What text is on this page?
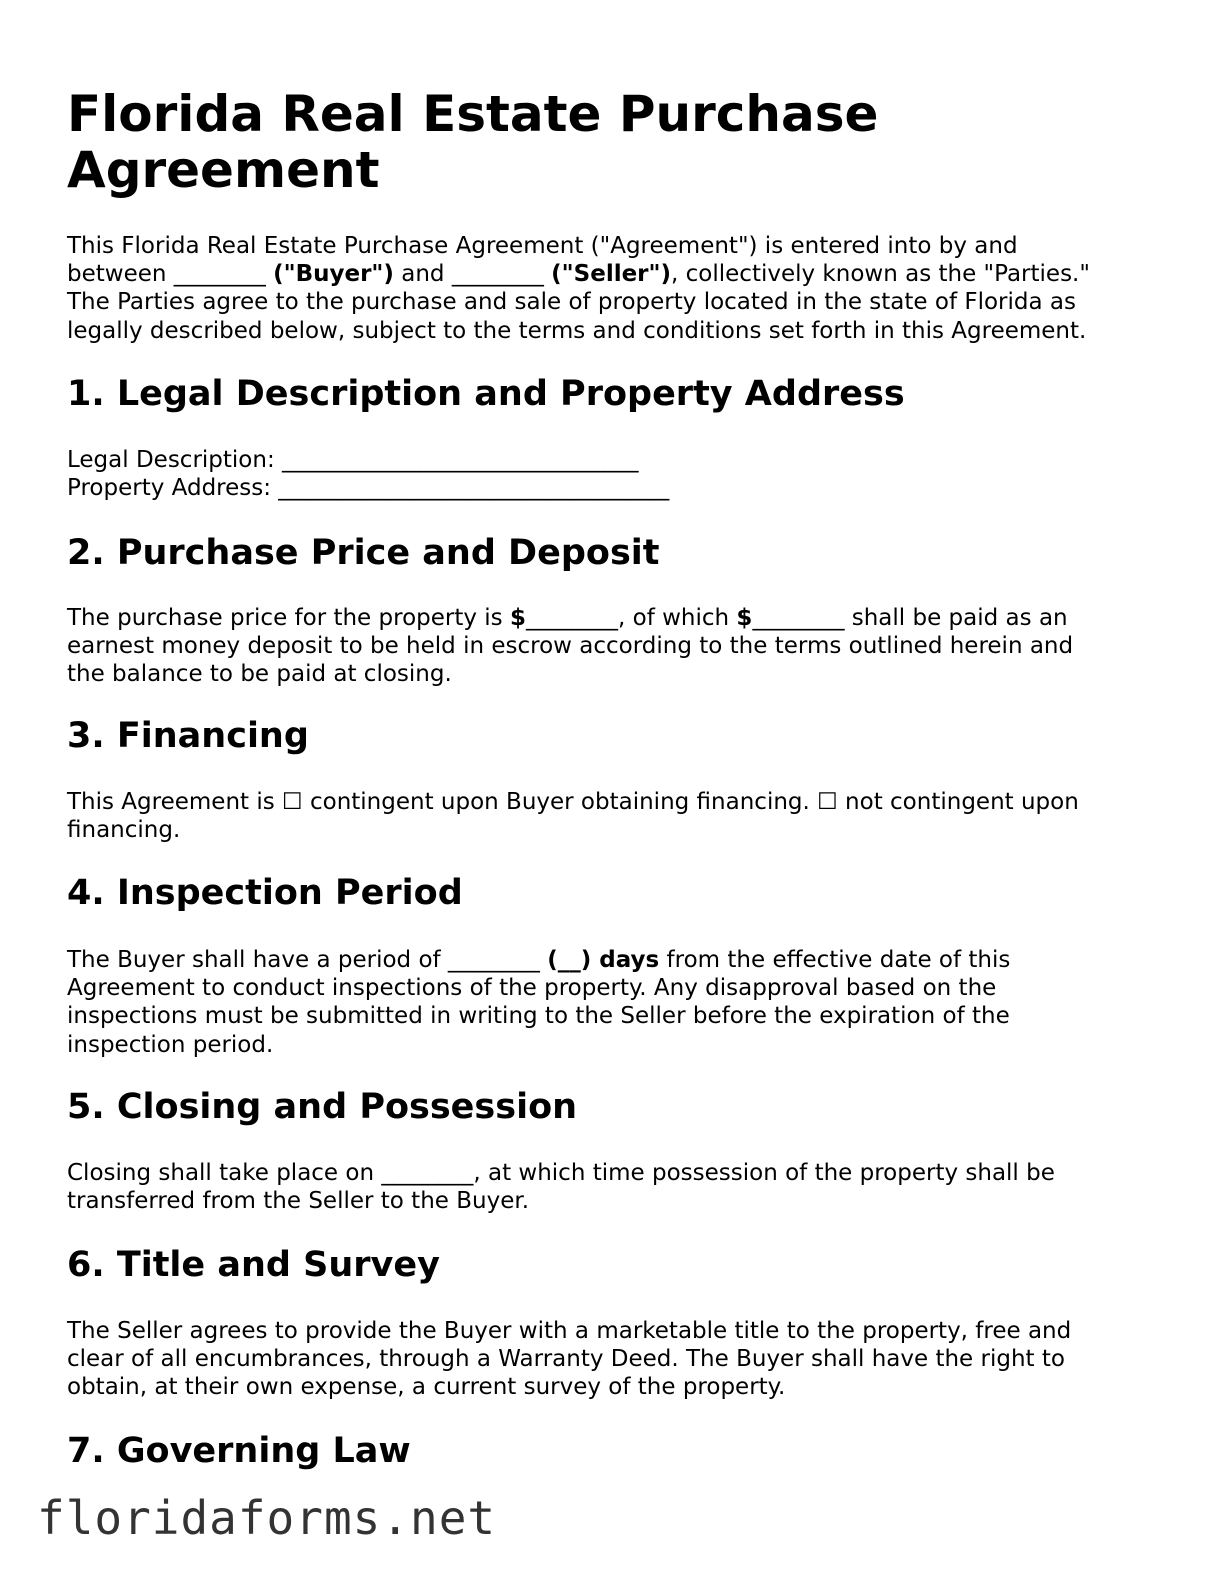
Florida Real Estate Purchase Agreement

This Florida Real Estate Purchase Agreement ("Agreement") is entered into by and
between ________ ("Buyer") and ________ ("Seller"), collectively known as the "Parties."
The Parties agree to the purchase and sale of property located in the state of Florida as
legally described below, subject to the terms and conditions set forth in this Agreement.

1. Legal Description and Property Address

Legal Description: _______________________________
Property Address: __________________________________

2. Purchase Price and Deposit

The purchase price for the property is $________, of which $________ shall be paid as an
earnest money deposit to be held in escrow according to the terms outlined herein and
the balance to be paid at closing.

3. Financing

This Agreement is ☐ contingent upon Buyer obtaining financing. ☐ not contingent upon
financing.

4. Inspection Period

The Buyer shall have a period of ________ (__) days from the effective date of this
Agreement to conduct inspections of the property. Any disapproval based on the
inspections must be submitted in writing to the Seller before the expiration of the
inspection period.

5. Closing and Possession

Closing shall take place on ________, at which time possession of the property shall be
transferred from the Seller to the Buyer.

6. Title and Survey

The Seller agrees to provide the Buyer with a marketable title to the property, free and
clear of all encumbrances, through a Warranty Deed. The Buyer shall have the right to
obtain, at their own expense, a current survey of the property.

7. Governing Law
floridaforms.net
